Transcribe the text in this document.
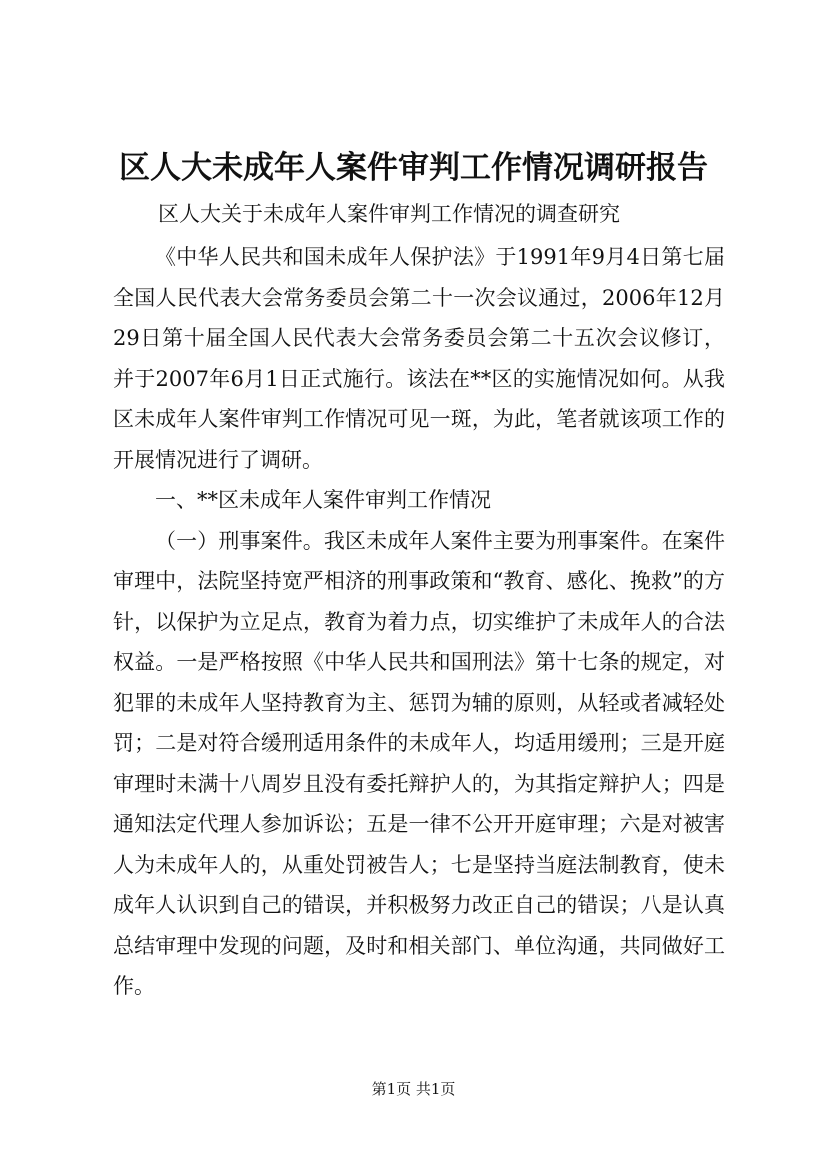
区人大未成年人案件审判工作情况调研报告
区人大关于未成年人案件审判工作情况的调查研究

《中华人民共和国未成年人保护法》于1991年9月4日第七届全国人民代表大会常务委员会第二十一次会议通过，2006年12月29日第十届全国人民代表大会常务委员会第二十五次会议修订，并于2007年6月1日正式施行。该法在**区的实施情况如何。从我区未成年人案件审判工作情况可见一斑，为此，笔者就该项工作的开展情况进行了调研。

一、**区未成年人案件审判工作情况

（一）刑事案件。我区未成年人案件主要为刑事案件。在案件审理中，法院坚持宽严相济的刑事政策和“教育、感化、挽救”的方针，以保护为立足点，教育为着力点，切实维护了未成年人的合法权益。一是严格按照《中华人民共和国刑法》第十七条的规定，对犯罪的未成年人坚持教育为主、惩罚为辅的原则，从轻或者减轻处罚；二是对符合缓刑适用条件的未成年人，均适用缓刑；三是开庭审理时未满十八周岁且没有委托辩护人的，为其指定辩护人；四是通知法定代理人参加诉讼；五是一律不公开开庭审理；六是对被害人为未成年人的，从重处罚被告人；七是坚持当庭法制教育，使未成年人认识到自己的错误，并积极努力改正自己的错误；八是认真总结审理中发现的问题，及时和相关部门、单位沟通，共同做好工作。

第1页 共1页
